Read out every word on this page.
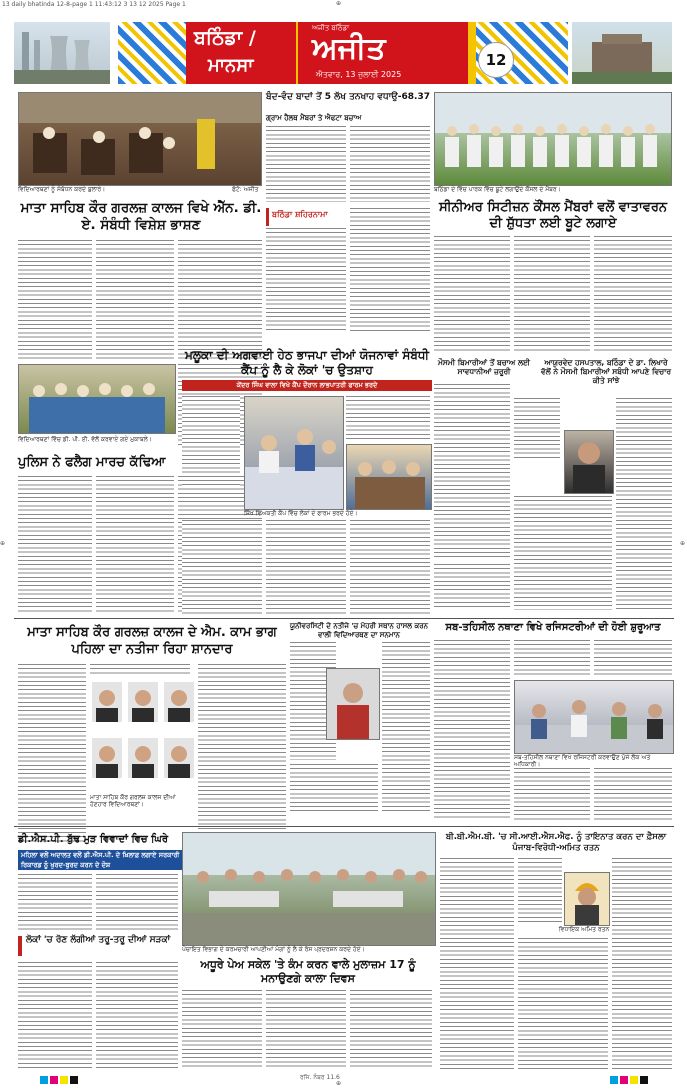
13 daily bhatinda 12-8-page 1 11:43:12 3 13 12 2025 Page 1	⊕
⊕
⊕	⊕
ਬਠਿੰਡਾ /
ਮਾਨਸਾ
ਅਜੀਤ ਬਠਿੰਡਾ
ਅਜੀਤ
ਐਤਵਾਰ, 13 ਜੁਲਾਈ 2025
12
ਵਿਦਿਆਰਥਣਾਂ ਨੂੰ ਸੰਬੋਧਨ ਕਰਦੇ ਬੁਲਾਰੇ।	ਫੋਟੋ: ਅਜੀਤ
ਮਾਤਾ ਸਾਹਿਬ ਕੌਰ ਗਰਲਜ਼ ਕਾਲਜ ਵਿਖੇ ਐੱਨ. ਡੀ. ਏ. ਸੰਬੰਧੀ ਵਿਸ਼ੇਸ਼ ਭਾਸ਼ਣ
ਵਿਦਿਆਰਥਣਾਂ ਵਿੱਚ ਡੀ. ਪੀ. ਈ. ਵੱਲੋਂ ਕਰਵਾਏ ਗਏ ਮੁਕਾਬਲੇ।
ਪੁਲਿਸ ਨੇ ਫਲੈਗ ਮਾਰਚ ਕੱਢਿਆ
ਬੰਦ-ਵੰਦ ਬਾਦਾਂ ਤੋਂ 5 ਲੱਖ ਤਨਖਾਹ ਵਧਾਉ-68.37
ਗ੍ਰਾਮ ਹੈਲਥ ਮੈਂਬਰਾਂ ਤੇ ਐਫਟਾ ਬਚਾਅ
ਬਠਿੰਡਾ ਸ਼ਹਿਰਨਾਮਾ
ਬਠਿੰਡਾ ਦੇ ਵਿੱਚ ਪਾਰਕ ਵਿੱਚ ਬੂਟੇ ਲਗਾਉਂਦੇ ਕੌਂਸਲ ਦੇ ਮੈਂਬਰ।
ਸੀਨੀਅਰ ਸਿਟੀਜ਼ਨ ਕੌਂਸਲ ਮੈਂਬਰਾਂ ਵਲੋਂ ਵਾਤਾਵਰਨ ਦੀ ਸ਼ੁੱਧਤਾ ਲਈ ਬੂਟੇ ਲਗਾਏ
ਮਲੂਕਾ ਦੀ ਅਗਵਾਈ ਹੇਠ ਭਾਜਪਾ ਦੀਆਂ ਯੋਜਨਾਵਾਂ ਸੰਬੰਧੀ ਕੈਂਪ ਨੂੰ ਲੈ ਕੇ ਲੋਕਾਂ 'ਚ ਉਤਸ਼ਾਹ
ਕੇਂਦਰ ਸਿੰਘ ਵਾਲਾ ਵਿਖੇ ਕੈਂਪ ਦੌਰਾਨ ਲਾਭਪਾਤਰੀ ਫਾਰਮ ਭਰਦੇ
ਸਿੱਖ ਵਿਅਕਤੀ ਕੈਂਪ ਵਿੱਚ ਲੋਕਾਂ ਦੇ ਫਾਰਮ ਭਰਦੇ ਹੋਏ।
ਮੌਸਮੀ ਬਿਮਾਰੀਆਂ ਤੋਂ ਬਚਾਅ ਲਈ ਸਾਵਧਾਨੀਆਂ ਜ਼ਰੂਰੀ
ਆਯੁਰਵੇਦ ਹਸਪਤਾਲ, ਬਠਿੰਡਾ ਦੇ ਡਾ. ਲਿਖਾਰੇ ਵੱਲੋਂ ਨੇ ਮੌਸਮੀ ਬਿਮਾਰੀਆਂ ਸਬੰਧੀ ਆਪਣੇ ਵਿਚਾਰ ਕੀਤੇ ਸਾਂਝੇ
ਮਾਤਾ ਸਾਹਿਬ ਕੌਰ ਗਰਲਜ਼ ਕਾਲਜ ਦੇ ਐਮ. ਕਾਮ ਭਾਗ ਪਹਿਲਾ ਦਾ ਨਤੀਜਾ ਰਿਹਾ ਸ਼ਾਨਦਾਰ
ਮਾਤਾ ਸਾਹਿਬ ਕੌਰ ਗਰਲਜ਼ ਕਾਲਜ ਦੀਆਂ ਹੋਣਹਾਰ ਵਿਦਿਆਰਥਣਾਂ।
ਯੂਨੀਵਰਸਿਟੀ ਦੇ ਨਤੀਜੇ 'ਚ ਮੋਹਰੀ ਸਥਾਨ ਹਾਸਲ ਕਰਨ ਵਾਲੀ ਵਿਦਿਆਰਥਣ ਦਾ ਸਨਮਾਨ
ਸਬ-ਤਹਿਸੀਲ ਨਥਾਣਾ ਵਿਖੇ ਰਜਿਸਟਰੀਆਂ ਦੀ ਹੋਈ ਸ਼ੁਰੂਆਤ
ਸਬ-ਤਹਿਸੀਲ ਨਥਾਣਾ ਵਿਖੇ ਰਜਿਸਟਰੀ ਕਰਵਾਉਣ ਪੁੱਜੇ ਲੋਕ ਅਤੇ ਅਧਿਕਾਰੀ।
ਡੀ.ਐਸ.ਪੀ. ਬੁੱਢ ਮੁੜ ਵਿਵਾਦਾਂ ਵਿਚ ਘਿਰੇ
ਮਹਿਲਾ ਵਲੋਂ ਅਦਾਲਤ ਵਲੋਂ ਡੀ.ਐਸ.ਪੀ. ਦੇ ਖ਼ਿਲਾਫ਼ ਲਗਾਏ ਸਰਕਾਰੀ ਰਿਕਾਰਡ ਨੂੰ ਖੁਰਦ-ਬੁਰਦ ਕਰਨ ਦੇ ਦੋਸ਼
ਲੋਕਾਂ 'ਚ ਰੋਣ ਲੱਗੀਆਂ ਤਰੂ-ਤਰੂ ਦੀਆਂ ਸੜਕਾਂ
ਪੰਚਾਇਤ ਵਿਭਾਗ ਦੇ ਕਰਮਚਾਰੀ ਆਪਣੀਆਂ ਮੰਗਾਂ ਨੂੰ ਲੈ ਕੇ ਰੋਸ ਪ੍ਰਦਰਸ਼ਨ ਕਰਦੇ ਹੋਏ।
ਅਧੂਰੇ ਪੇਅ ਸਕੇਲ 'ਤੇ ਕੰਮ ਕਰਨ ਵਾਲੇ ਮੁਲਾਜ਼ਮ 17 ਨੂੰ ਮਨਾਉਣਗੇ ਕਾਲਾ ਦਿਵਸ
ਬੀ.ਬੀ.ਐਮ.ਬੀ. 'ਚ ਸੀ.ਆਈ.ਐਸ.ਐਫ. ਨੂੰ ਤਾਇਨਾਤ ਕਰਨ ਦਾ ਫ਼ੈਸਲਾ ਪੰਜਾਬ-ਵਿਰੋਧੀ-ਅਮਿਤ ਰਤਨ
ਵਿਧਾਇਕ ਅਮਿਤ ਰਤਨ
ਰਜਿ. ਨੰਬਰ 11.6
